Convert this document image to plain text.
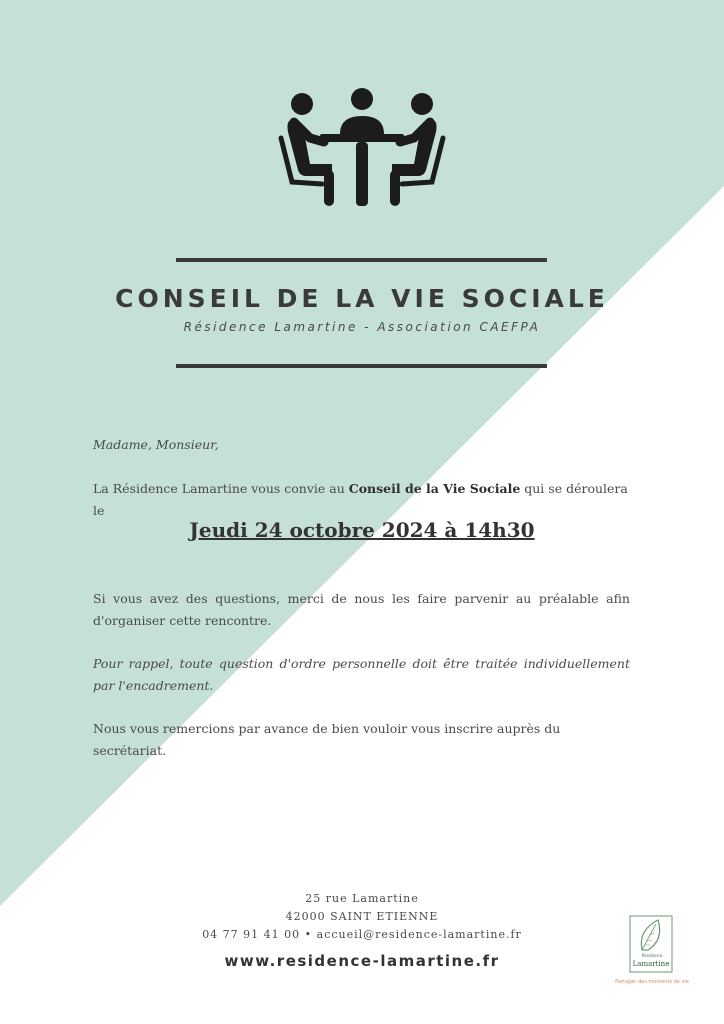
CONSEIL DE LA VIE SOCIALE
Résidence Lamartine - Association CAEFPA

Madame, Monsieur,

La Résidence Lamartine vous convie au Conseil de la Vie Sociale qui se déroulera le

Jeudi 24 octobre 2024 à 14h30

Si vous avez des questions, merci de nous les faire parvenir au préalable afin d'organiser cette rencontre.

Pour rappel, toute question d'ordre personnelle doit être traitée individuellement par l'encadrement.

Nous vous remercions par avance de bien vouloir vous inscrire auprès du secrétariat.

25 rue Lamartine
42000 SAINT ETIENNE
04 77 91 41 00 • accueil@residence-lamartine.fr
www.residence-lamartine.fr	Résidence
Lamartine
Partager des moments de vie
